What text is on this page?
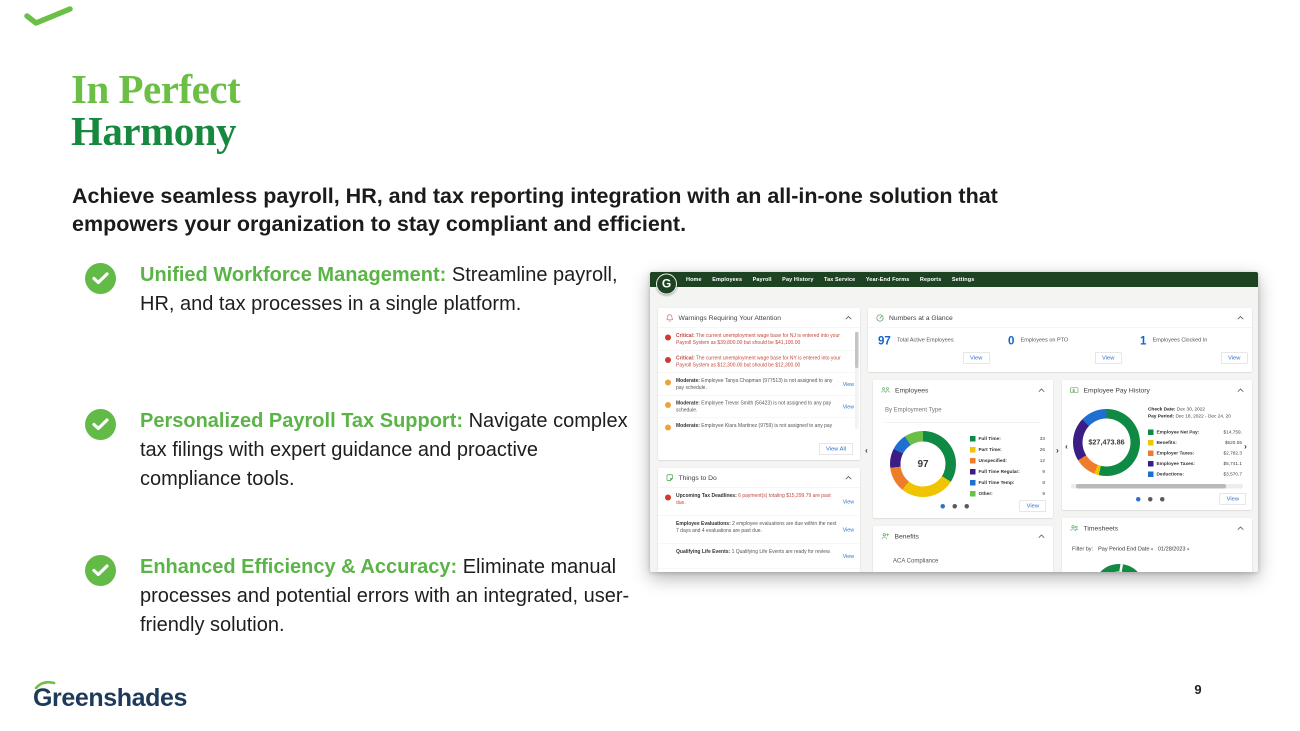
In Perfect
Harmony

Achieve seamless payroll, HR, and tax reporting integration with an all-in-one solution that empowers your organization to stay compliant and efficient.

Unified Workforce Management: Streamline payroll, HR, and tax processes in a single platform.

Personalized Payroll Tax Support: Navigate complex tax filings with expert guidance and proactive compliance tools.

Enhanced Efficiency & Accuracy: Eliminate manual processes and potential errors with an integrated, user-friendly solution.

Home Employees Payroll Pay History Tax Service Year-End Forms Reports Settings
G
Warnings Requiring Your Attention
Critical: The current unemployment wage base for NJ is entered into your Payroll System as $39,800.00 but should be $41,100.00
Critical: The current unemployment wage base for NY is entered into your Payroll System as $12,300.00 but should be $12,300.00
Moderate: Employee Tanya Chapman (977513) is not assigned to any pay schedule.
View
Moderate: Employee Trevor Smith (56423) is not assigned to any pay schedule.
View
Moderate: Employee Kiara Martinez (9759) is not assigned to any pay
View All
Things to Do
Upcoming Tax Deadlines: 6 payment(s) totaling $15,299.79 are past due.	View
Employee Evaluations: 2 employee evaluations are due within the next 7 days and 4 evaluations are past due.	View
Qualifying Life Events: 1 Qualifying Life Events are ready for review.
View
Numbers at a Glance
97 Total Active Employees
View
0 Employees on PTO
View
1 Employees Clocked In
View
Employees
By Employment Type
97
Full Time:	33
Part Time:	26
Unspecified:	12
Full Time Regular: 9
Full Time Temp:	8
Other:	9
View
‹	›
$ Employee Pay History
$27,473.86
Check Date: Dec 30, 2022
Pay Period: Dec 18, 2022 - Dec 24, 20
Employee Net Pay:	$14,759.
Benefits:	$620.55
Employer Taxes:	$2,782.3
Employee Taxes:	$5,741.1
Deductions:	$3,570.7
View
‹	›
Benefits
ACA Compliance
Timesheets
Filter by: Pay Period End Date ▾ 01/28/2023 ▾
Greenshades	9
